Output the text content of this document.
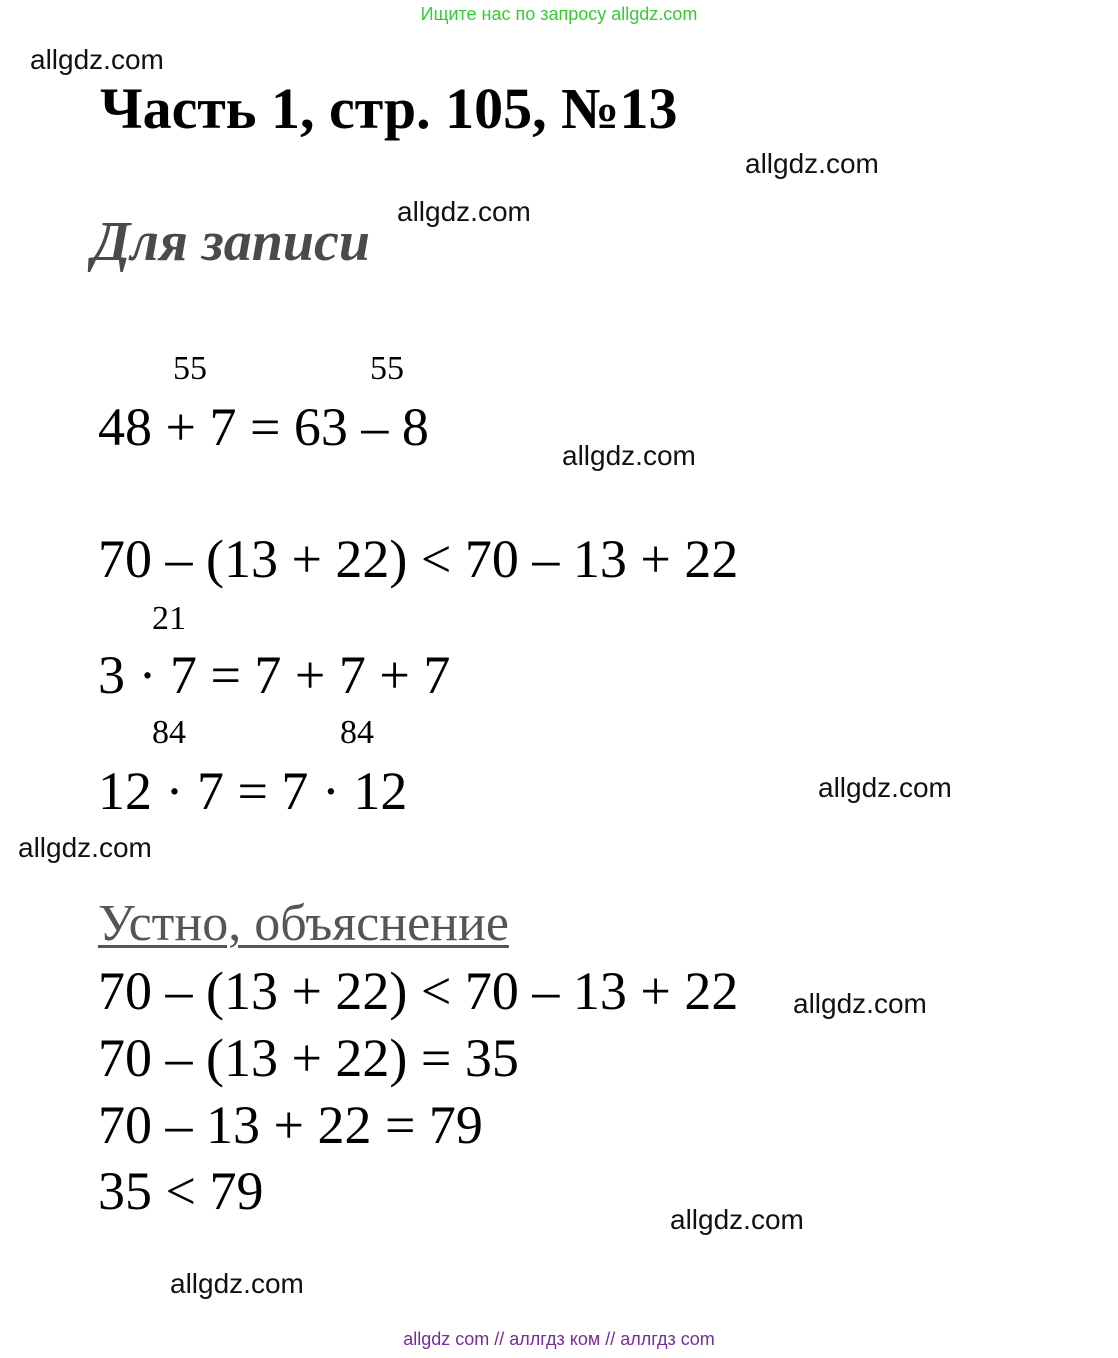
Ищите нас по запросу allgdz.com
allgdz.com
allgdz.com
allgdz.com
allgdz.com
allgdz.com
allgdz.com
allgdz.com
allgdz.com
allgdz.com
Часть 1, стр. 105, №13
Для записи
55	55
48 + 7 = 63 – 8
70 – (13 + 22) < 70 – 13 + 22
21
3 · 7 = 7 + 7 + 7
84	84
12 · 7 = 7 · 12
Устно, объяснение
70 – (13 + 22) < 70 – 13 + 22
70 – (13 + 22) = 35
70 – 13 + 22 = 79
35 < 79
allgdz com // аллгдз ком // аллгдз com
